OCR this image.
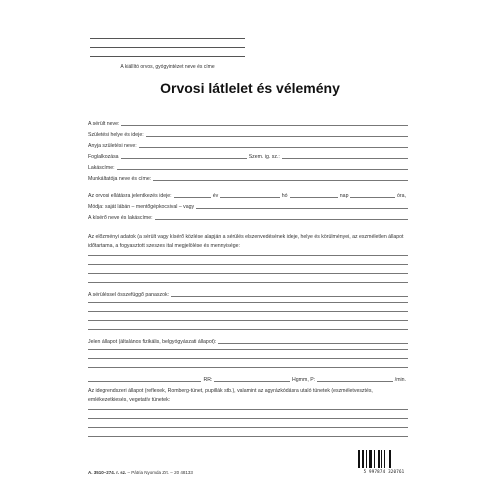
A kiállító orvos, gyógyintézet neve és címe
Orvosi látlelet és vélemény
A sérült neve:
Születési helye és ideje:
Anyja születési neve:
Foglalkozása	Szem. ig. sz.:
Lakáscíme:
Munkáltatója neve és címe:
Az orvosi ellátásra jelentkezés ideje:	év	hó	nap	óra,
Módja: saját lábán – mentőgépkocsival – vagy
A kísérő neve és lakáscíme:
Az előzményi adatok (a sérült vagy kísérő közlése alapján a sérülés elszenvedésének ideje, helye és körülményei, az eszméletlen állapot időtartama, a fogyasztott szeszes ital megjelölése és mennyisége:
A sérüléssel összefüggő panaszok:
Jelen állapot (általános fizikális, belgyógyászati állapot):
RR:	Hgmm, P:	/min.
Az idegrendszeri állapot (reflexek, Romberg-tünet, pupillák stb.), valamint az agyrázkódásra utaló tünetek (eszméletvesztés, emlékezetkiesés, vegetatív tünetek:
A. 3510–274. r. sz. – Pátria Nyomda Zrt. – 20 48133	5 997874 320761
